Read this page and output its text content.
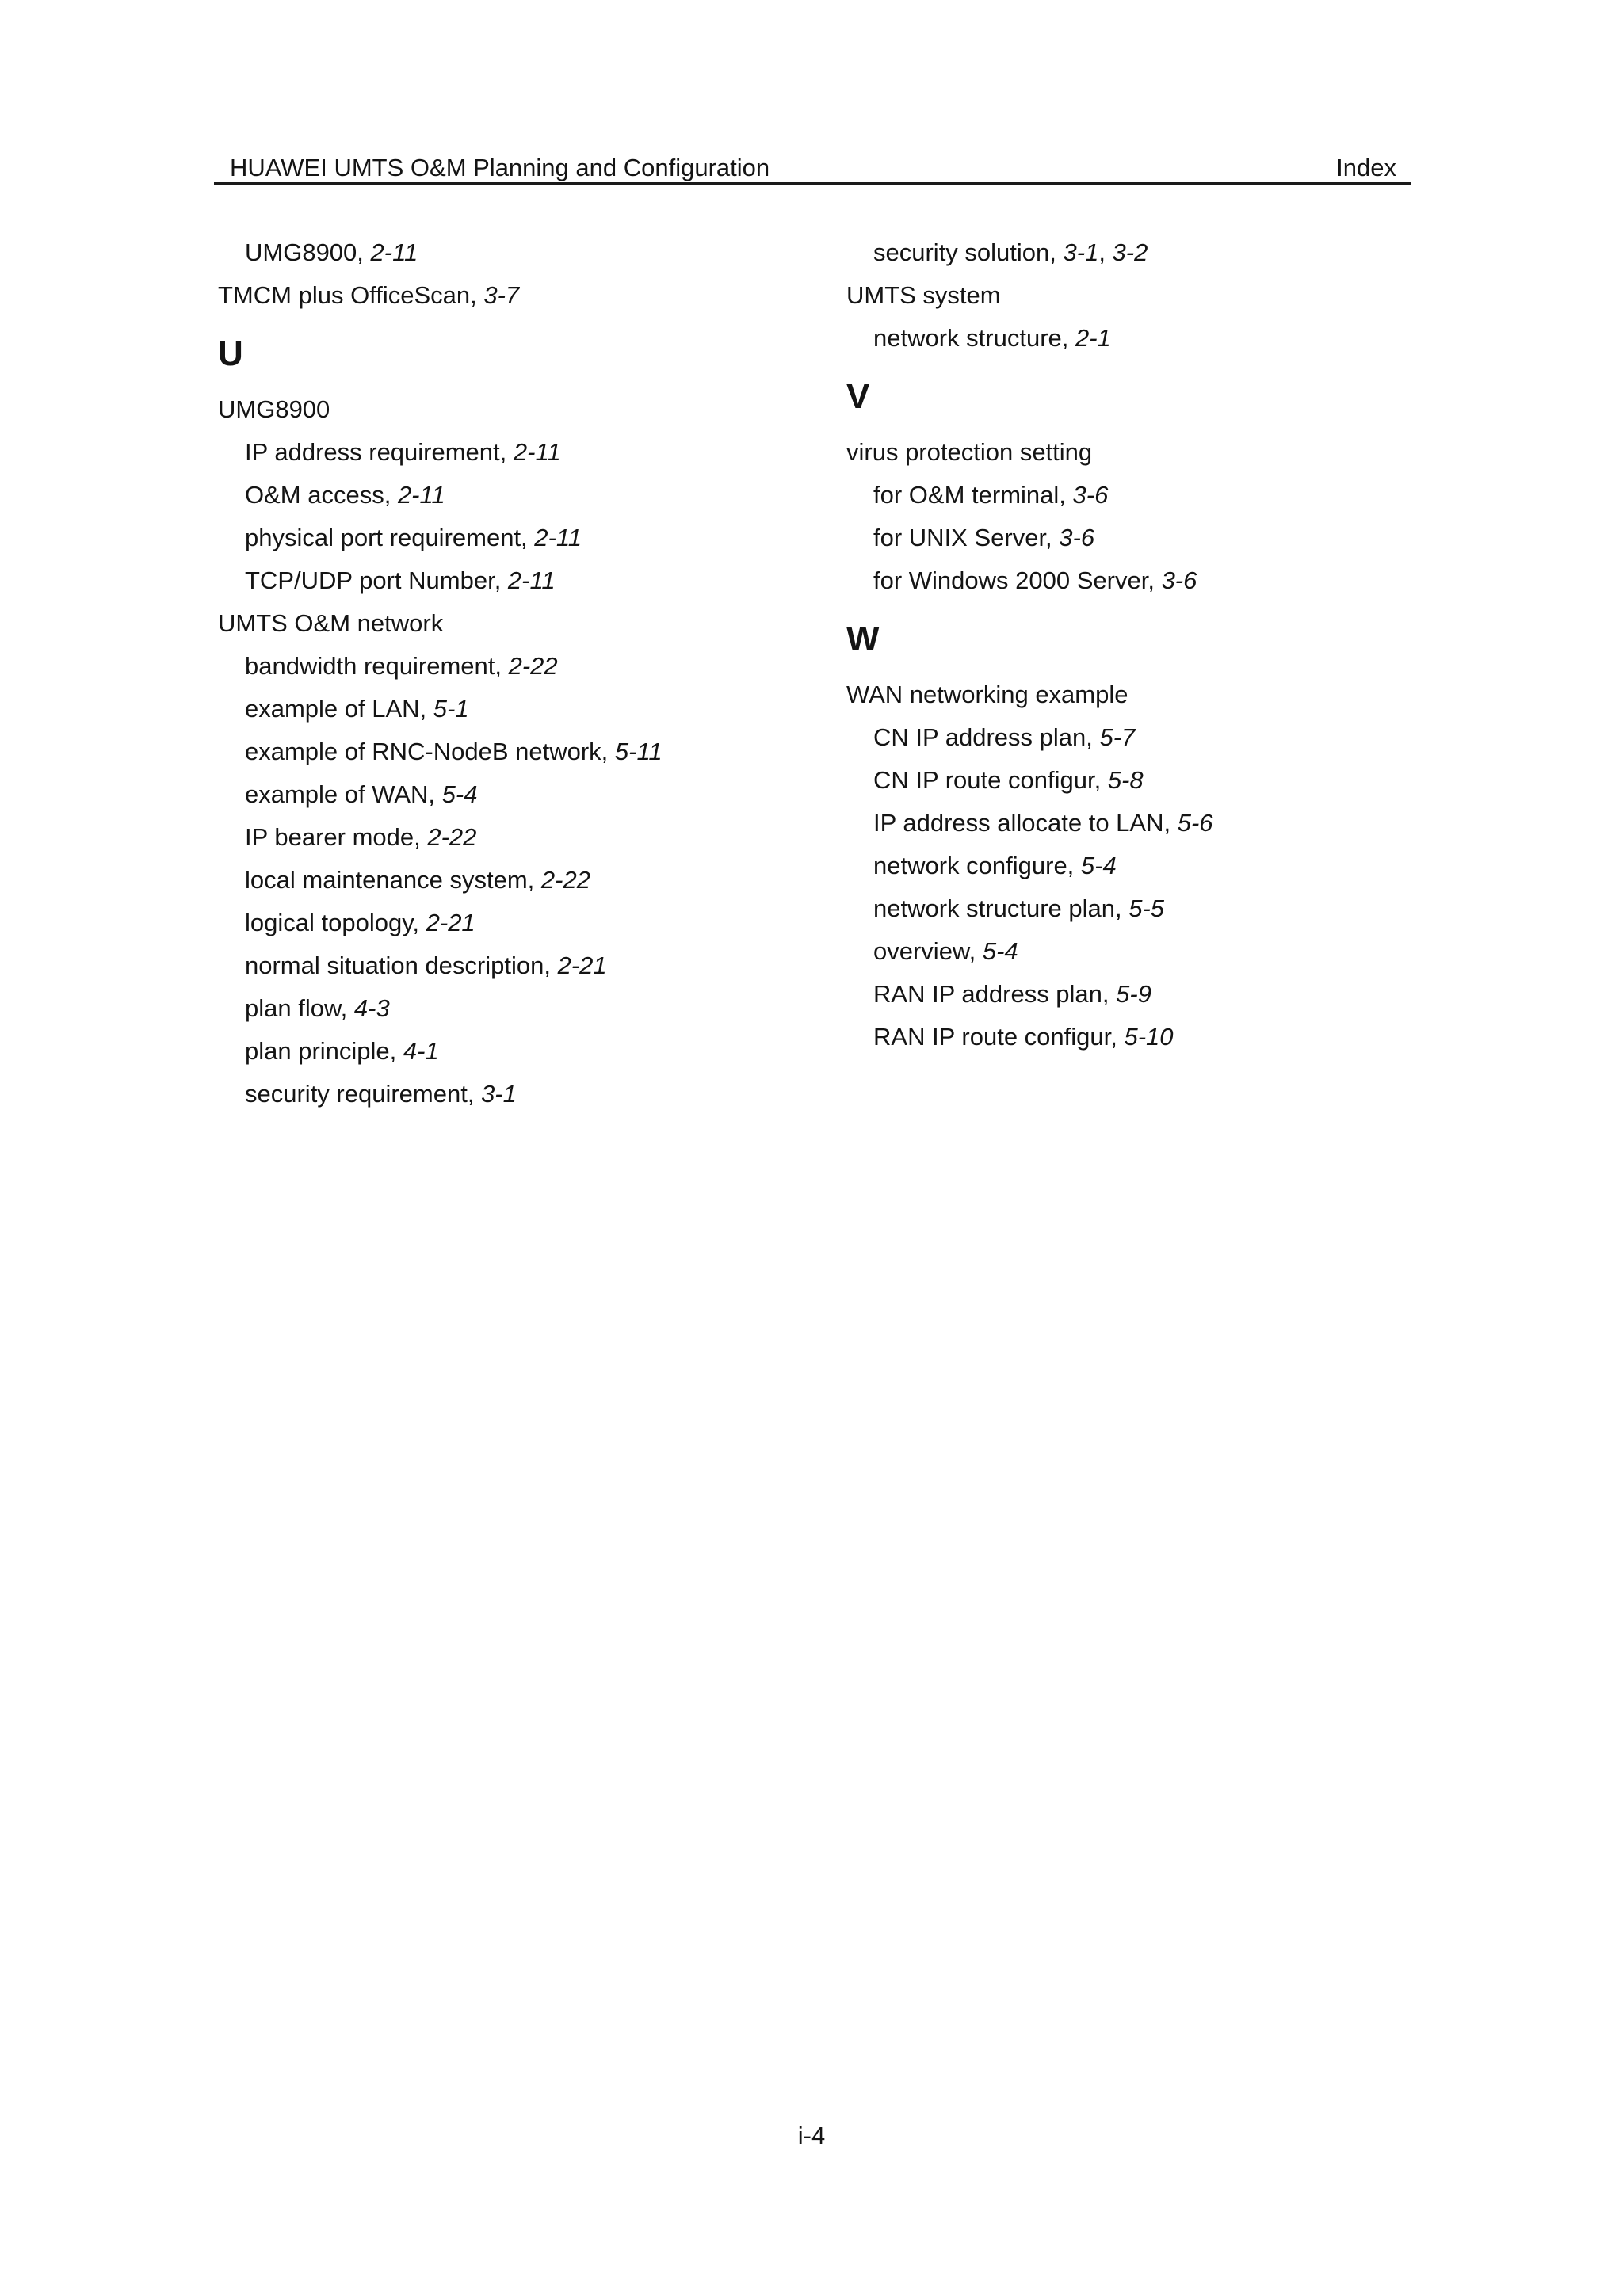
HUAWEI UMTS O&M Planning and Configuration	Index
UMG8900, 2-11
TMCM plus OfficeScan, 3-7
U
UMG8900
IP address requirement, 2-11
O&M access, 2-11
physical port requirement, 2-11
TCP/UDP port Number, 2-11
UMTS O&M network
bandwidth requirement, 2-22
example of LAN, 5-1
example of RNC-NodeB network, 5-11
example of WAN, 5-4
IP bearer mode, 2-22
local maintenance system, 2-22
logical topology, 2-21
normal situation description, 2-21
plan flow, 4-3
plan principle, 4-1
security requirement, 3-1
security solution, 3-1, 3-2
UMTS system
network structure, 2-1
V
virus protection setting
for O&M terminal, 3-6
for UNIX Server, 3-6
for Windows 2000 Server, 3-6
W
WAN networking example
CN IP address plan, 5-7
CN IP route configur, 5-8
IP address allocate to LAN, 5-6
network configure, 5-4
network structure plan, 5-5
overview, 5-4
RAN IP address plan, 5-9
RAN IP route configur, 5-10
i-4
